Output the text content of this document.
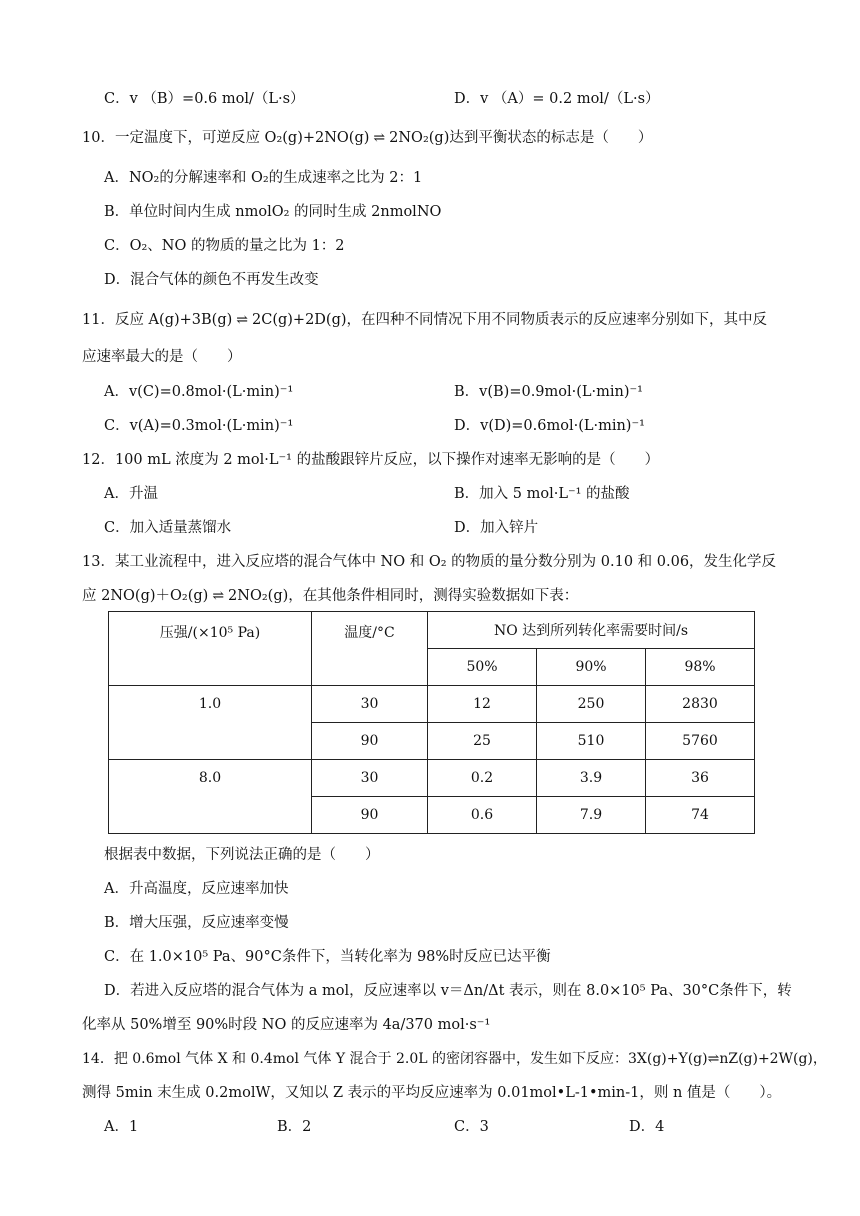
C．v （B）=0.6 mol/（L·s）	D．v （A）= 0.2 mol/（L·s）
10．一定温度下，可逆反应 O₂(g)+2NO(g) ⇌ 2NO₂(g)达到平衡状态的标志是（　　）
A．NO₂的分解速率和 O₂的生成速率之比为 2：1
B．单位时间内生成 nmolO₂ 的同时生成 2nmolNO
C．O₂、NO 的物质的量之比为 1：2
D．混合气体的颜色不再发生改变
11．反应 A(g)+3B(g) ⇌ 2C(g)+2D(g)，在四种不同情况下用不同物质表示的反应速率分别如下，其中反
应速率最大的是（　　）
A．v(C)=0.8mol·(L·min)⁻¹	B．v(B)=0.9mol·(L·min)⁻¹
C．v(A)=0.3mol·(L·min)⁻¹	D．v(D)=0.6mol·(L·min)⁻¹
12．100 mL 浓度为 2 mol·L⁻¹ 的盐酸跟锌片反应，以下操作对速率无影响的是（　　）
A．升温	B．加入 5 mol·L⁻¹ 的盐酸
C．加入适量蒸馏水	D．加入锌片
13．某工业流程中，进入反应塔的混合气体中 NO 和 O₂ 的物质的量分数分别为 0.10 和 0.06，发生化学反
应 2NO(g)＋O₂(g) ⇌ 2NO₂(g)，在其他条件相同时，测得实验数据如下表：
压强/(×10⁵ Pa)	温度/°C	NO 达到所列转化率需要时间/s		
		50%	90%	98%
1.0	30	12	250	2830
	90	25	510	5760
8.0	30	0.2	3.9	36
	90	0.6	7.9	74
根据表中数据，下列说法正确的是（　　）
A．升高温度，反应速率加快
B．增大压强，反应速率变慢
C．在 1.0×10⁵ Pa、90°C条件下，当转化率为 98%时反应已达平衡
D．若进入反应塔的混合气体为 a mol，反应速率以 v＝Δn/Δt 表示，则在 8.0×10⁵ Pa、30°C条件下，转
化率从 50%增至 90%时段 NO 的反应速率为 4a/370 mol·s⁻¹
14．把 0.6mol 气体 X 和 0.4mol 气体 Y 混合于 2.0L 的密闭容器中，发生如下反应：3X(g)+Y(g)⇌nZ(g)+2W(g)，
测得 5min 末生成 0.2molW，又知以 Z 表示的平均反应速率为 0.01mol•L-1•min-1，则 n 值是（　　）。
A．1	B．2	C．3	D．4
